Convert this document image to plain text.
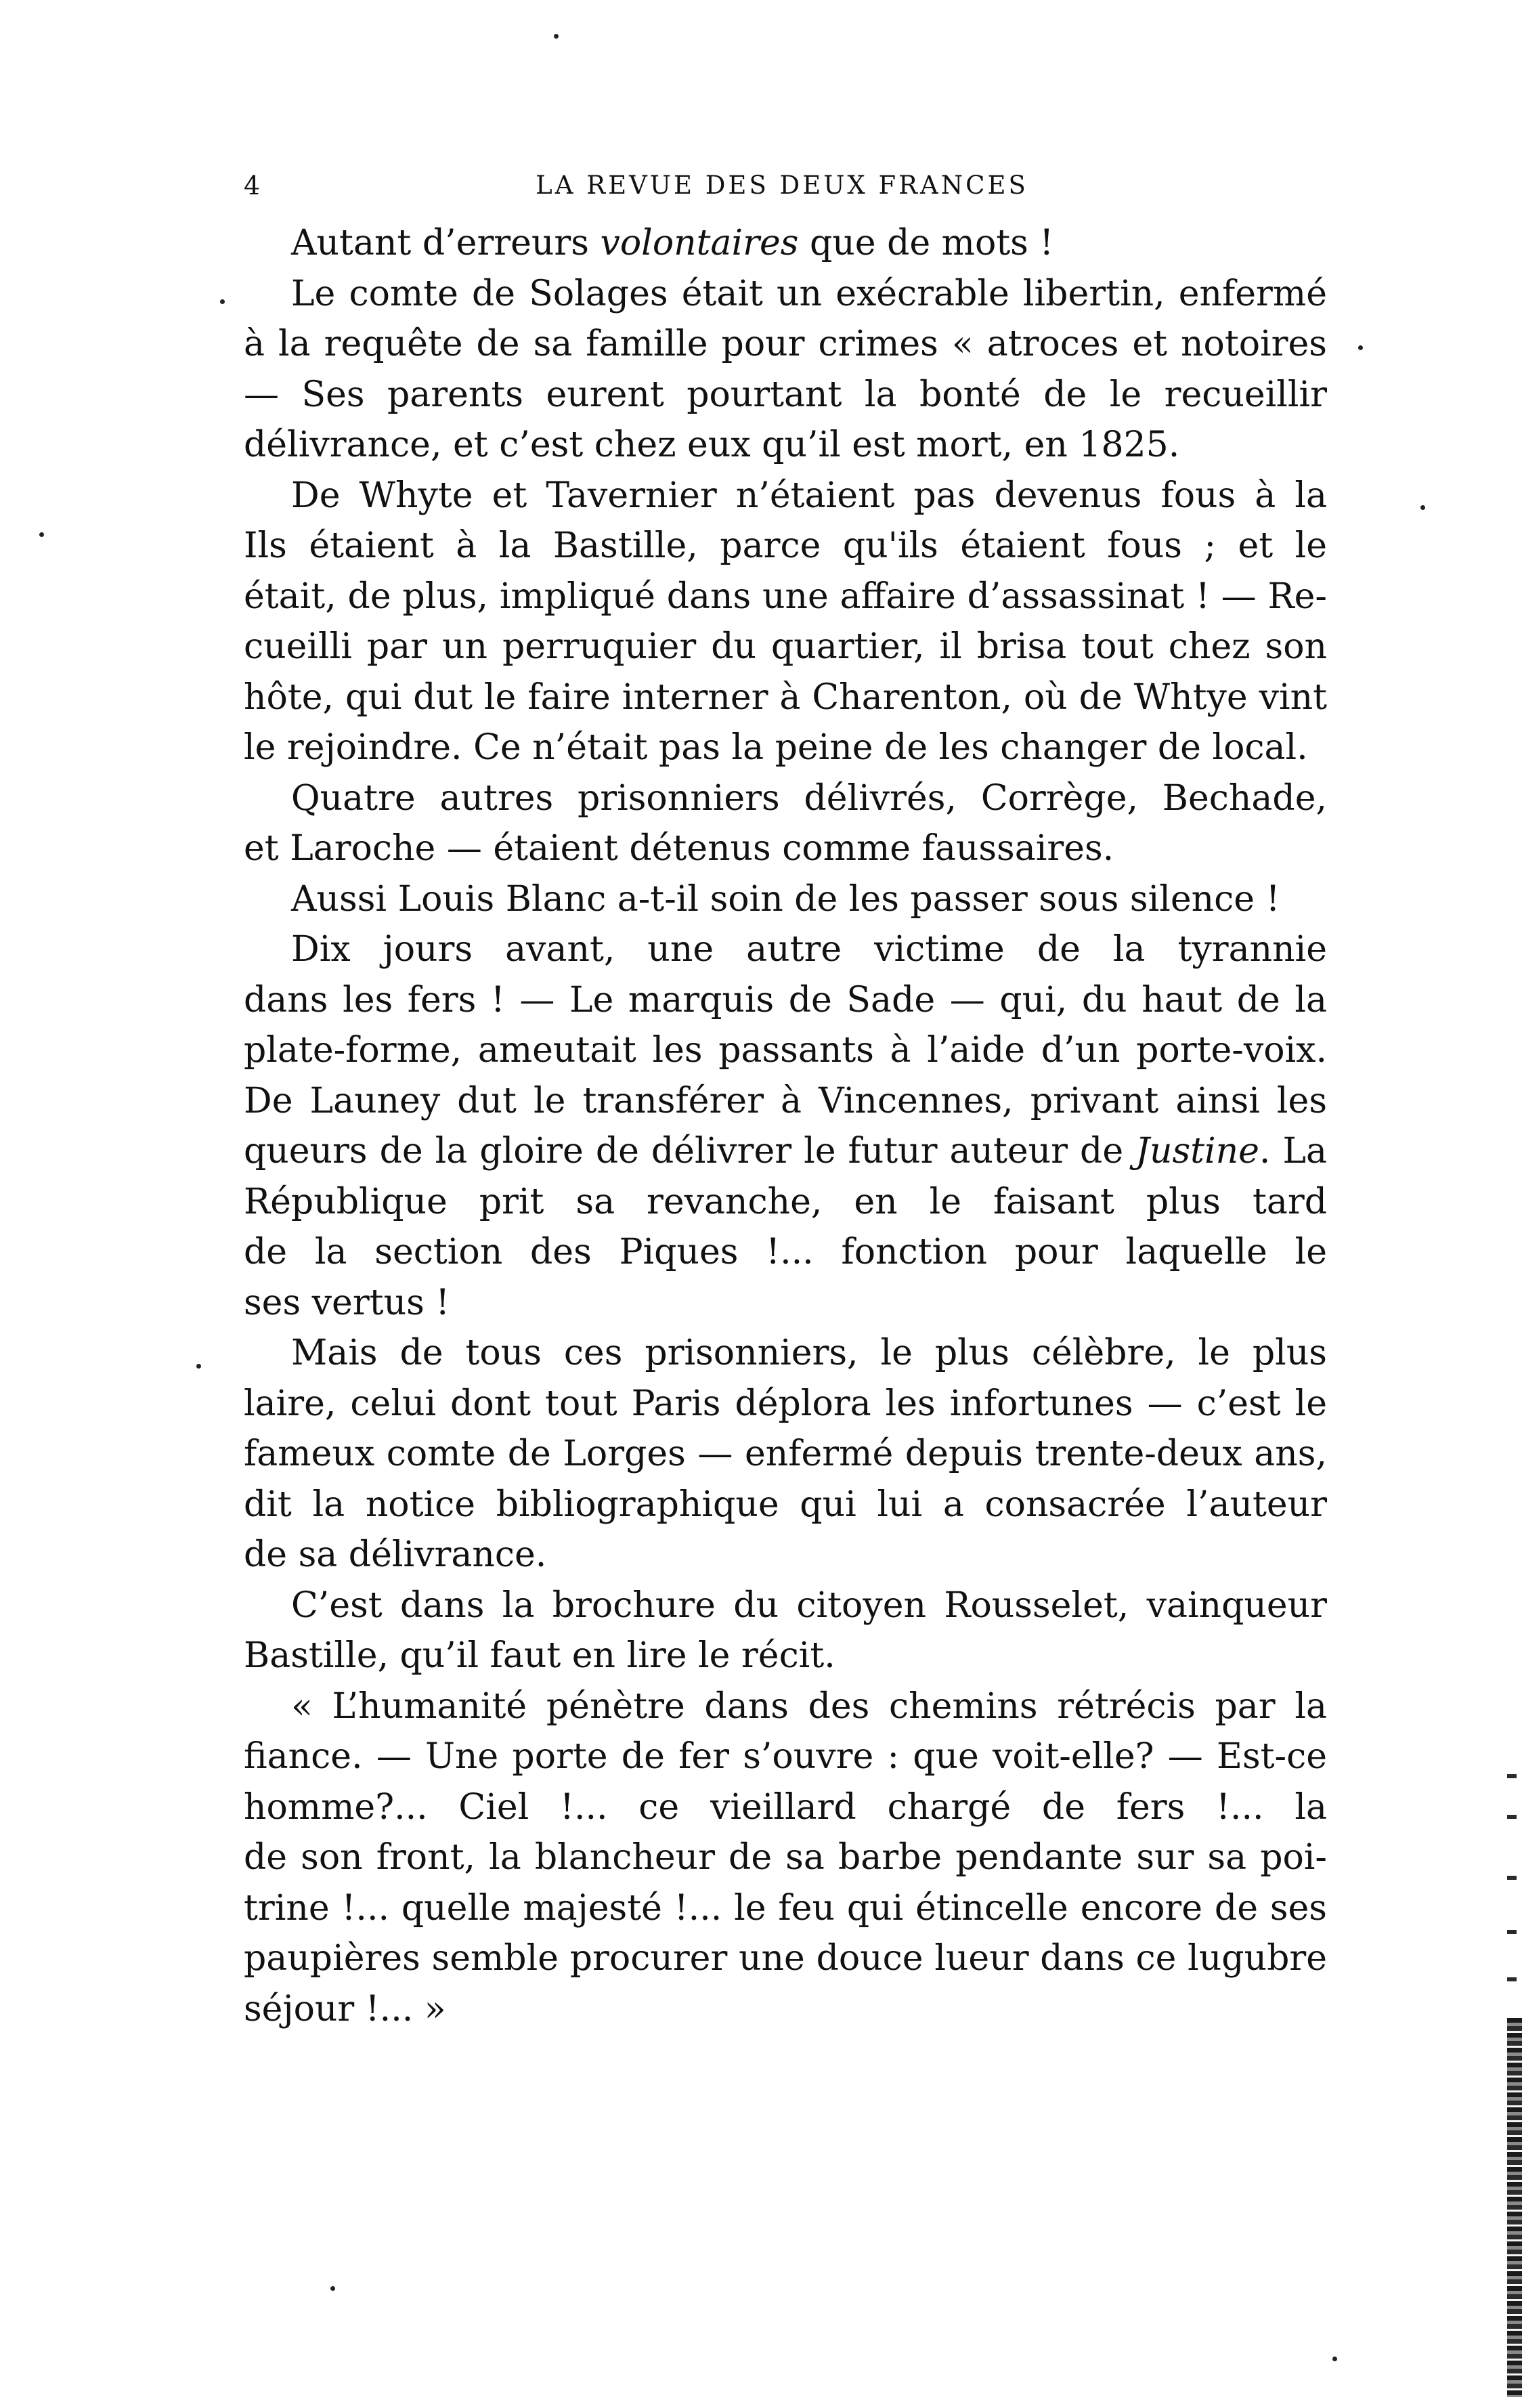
4	LA REVUE DES DEUX FRANCES
Autant d’erreurs volontaires que de mots !
Le comte de Solages était un exécrable libertin, enfermé
à la requête de sa famille pour crimes « atroces et notoires
— Ses parents eurent pourtant la bonté de le recueillir
délivrance, et c’est chez eux qu’il est mort, en 1825.
De Whyte et Tavernier n’étaient pas devenus fous à la
Ils étaient à la Bastille, parce qu'ils étaient fous ; et le
était, de plus, impliqué dans une affaire d’assassinat ! — Re-
cueilli par un perruquier du quartier, il brisa tout chez son
hôte, qui dut le faire interner à Charenton, où de Whtye vint
le rejoindre. Ce n’était pas la peine de les changer de local.
Quatre autres prisonniers délivrés, Corrège, Bechade,
et Laroche — étaient détenus comme faussaires.
Aussi Louis Blanc a-t-il soin de les passer sous silence !
Dix jours avant, une autre victime de la tyrannie
dans les fers ! — Le marquis de Sade — qui, du haut de la
plate-forme, ameutait les passants à l’aide d’un porte-voix.
De Launey dut le transférer à Vincennes, privant ainsi les
queurs de la gloire de délivrer le futur auteur de Justine. La
République prit sa revanche, en le faisant plus tard
de la section des Piques !... fonction pour laquelle le
ses vertus !
Mais de tous ces prisonniers, le plus célèbre, le plus
laire, celui dont tout Paris déplora les infortunes — c’est le
fameux comte de Lorges — enfermé depuis trente-deux ans,
dit la notice bibliographique qui lui a consacrée l’auteur
de sa délivrance.
C’est dans la brochure du citoyen Rousselet, vainqueur
Bastille, qu’il faut en lire le récit.
« L’humanité pénètre dans des chemins rétrécis par la
fiance. — Une porte de fer s’ouvre : que voit-elle? — Est-ce
homme?... Ciel !... ce vieillard chargé de fers !... la
de son front, la blancheur de sa barbe pendante sur sa poi-
trine !... quelle majesté !... le feu qui étincelle encore de ses
paupières semble procurer une douce lueur dans ce lugubre
séjour !... »
